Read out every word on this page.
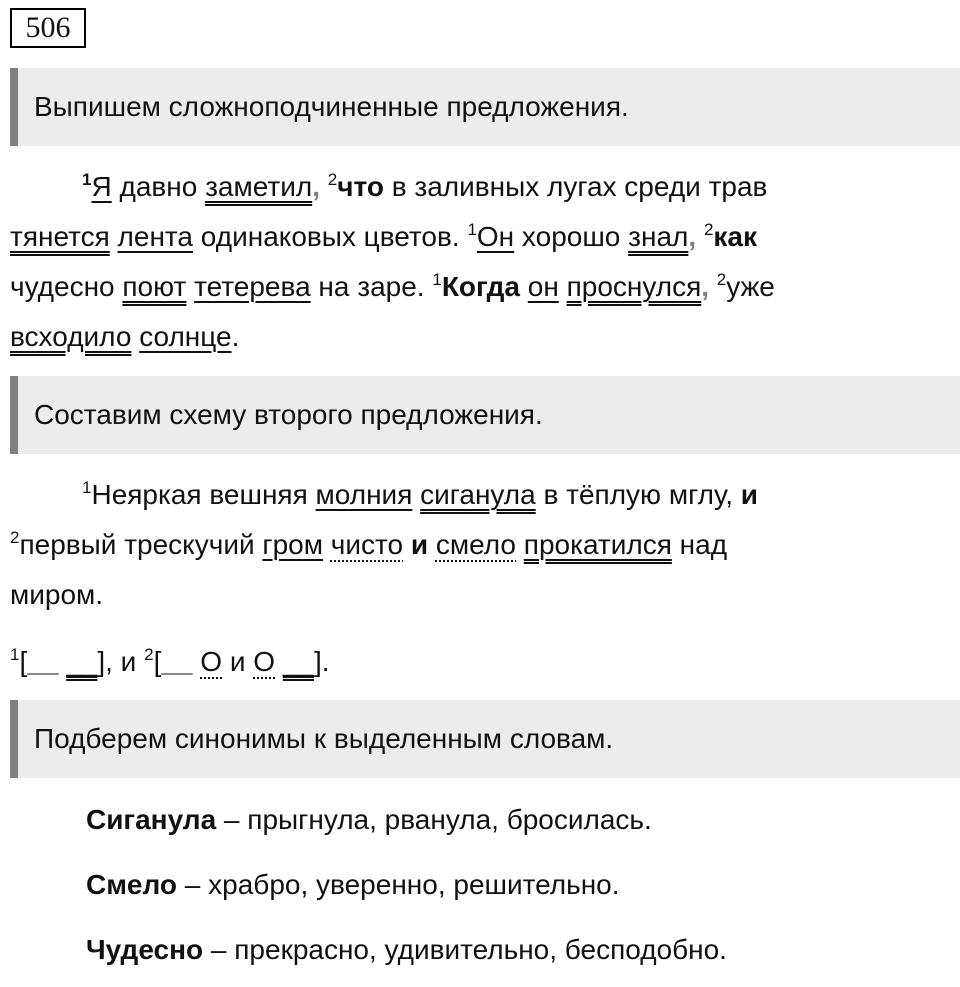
506
Выпишем сложноподчиненные предложения.
$^1$Я давно заметил, $^2$что в заливных лугах среди трав
тянется лента одинаковых цветов. $^1$Он хорошо знал, $^2$как
чудесно поют тетерева на заре. $^1$Когда он проснулся, $^2$уже
всходило солнце.
Составим схему второго предложения.
$^1$Неяркая вешняя молния сиганула в тёплую мглу, и
$^2$первый трескучий гром чисто и смело прокатился над
миром.
$^1$[__ __], и $^2$[__ O и O __].
Подберем синонимы к выделенным словам.
Сиганула – прыгнула, рванула, бросилась.
Смело – храбро, уверенно, решительно.
Чудесно – прекрасно, удивительно, бесподобно.
